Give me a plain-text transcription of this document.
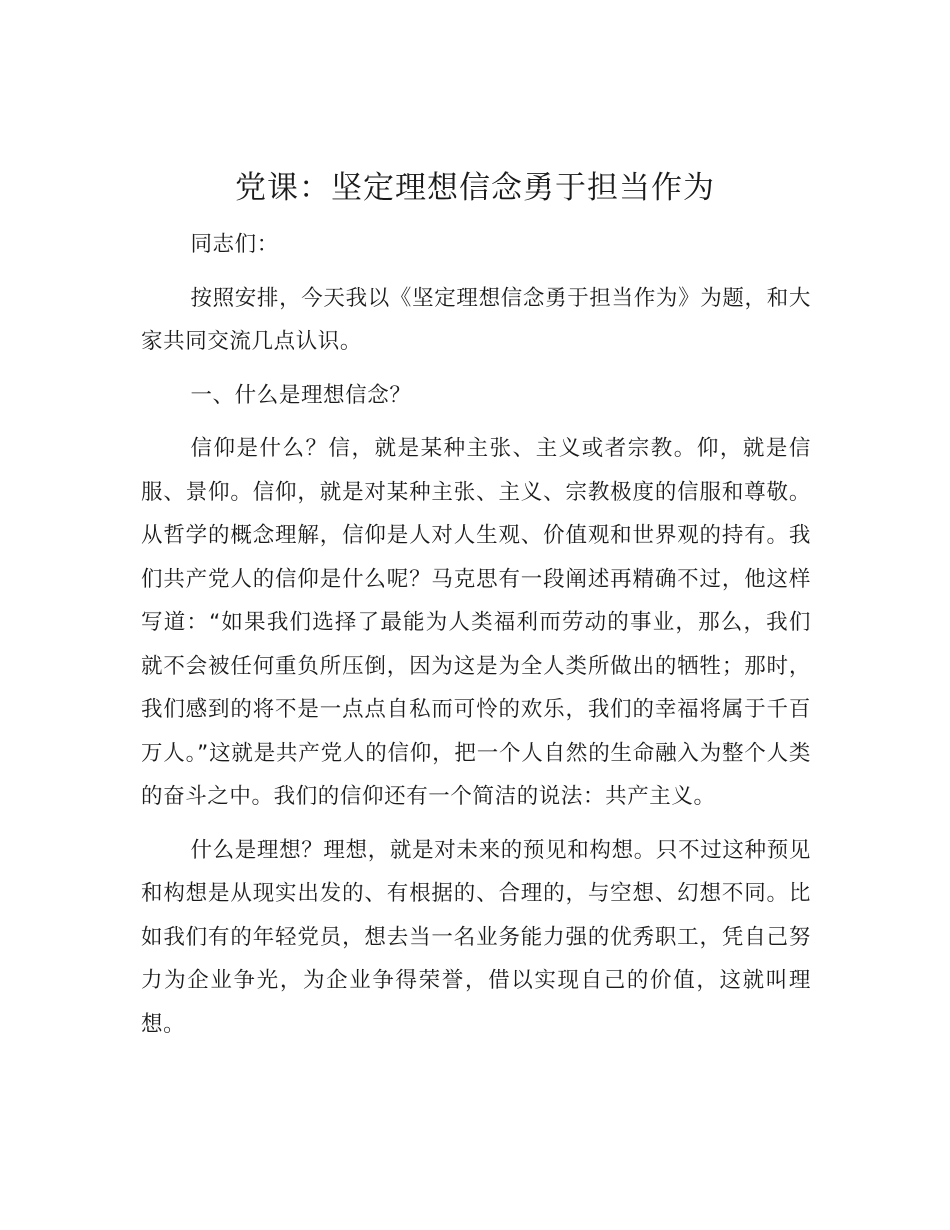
党课：坚定理想信念勇于担当作为

同志们：

按照安排，今天我以《坚定理想信念勇于担当作为》为题，和大家共同交流几点认识。

一、什么是理想信念？

信仰是什么？信，就是某种主张、主义或者宗教。仰，就是信服、景仰。信仰，就是对某种主张、主义、宗教极度的信服和尊敬。从哲学的概念理解，信仰是人对人生观、价值观和世界观的持有。我们共产党人的信仰是什么呢？马克思有一段阐述再精确不过，他这样写道：“如果我们选择了最能为人类福利而劳动的事业，那么，我们就不会被任何重负所压倒，因为这是为全人类所做出的牺牲；那时，我们感到的将不是一点点自私而可怜的欢乐，我们的幸福将属于千百万人。”这就是共产党人的信仰，把一个人自然的生命融入为整个人类的奋斗之中。我们的信仰还有一个简洁的说法：共产主义。

什么是理想？理想，就是对未来的预见和构想。只不过这种预见和构想是从现实出发的、有根据的、合理的，与空想、幻想不同。比如我们有的年轻党员，想去当一名业务能力强的优秀职工，凭自己努力为企业争光，为企业争得荣誉，借以实现自己的价值，这就叫理想。
